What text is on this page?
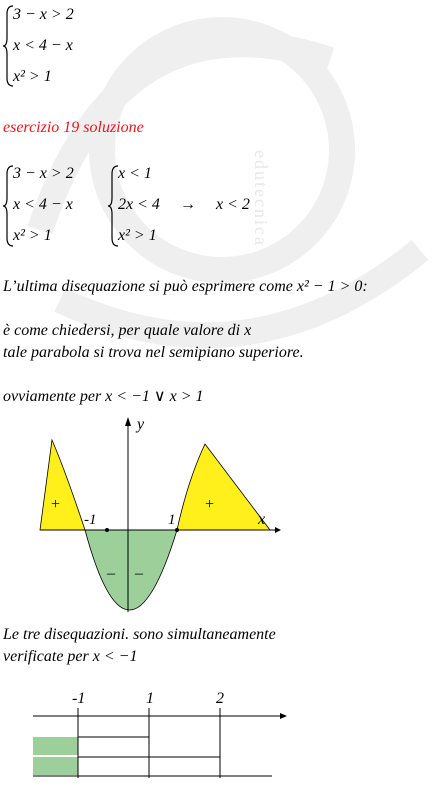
edutecnica
3 − x > 2
x < 4 − x
x² > 1
esercizio 19 soluzione
3 − x > 2
x < 4 − x
x² > 1
x < 1
2x < 4
x² > 1
→ x < 2
L’ultima disequazione si può esprimere come x² − 1 > 0:
è come chiedersi, per quale valore di x
tale parabola si trova nel semipiano superiore.
ovviamente per x < −1 ∨ x > 1
y
x
-1	1
+	+
– –
Le tre disequazioni. sono simultaneamente
verificate per x < −1
-1	1	2
